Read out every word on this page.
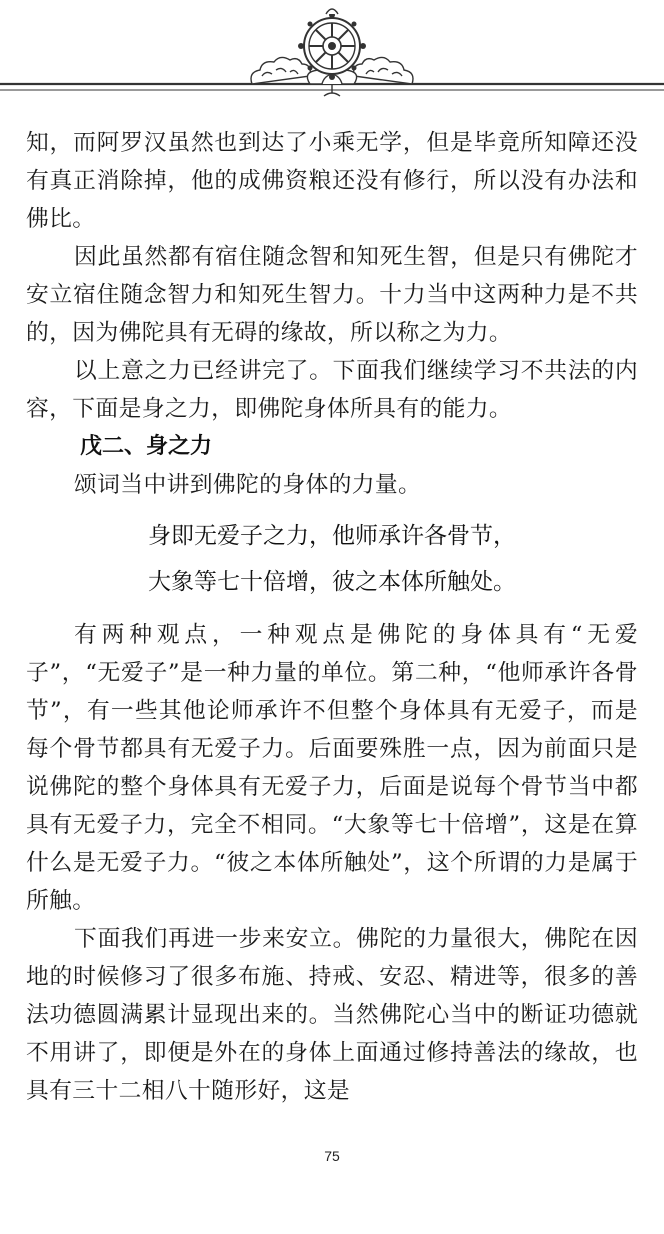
知，而阿罗汉虽然也到达了小乘无学，但是毕竟所知障还没有真正消除掉，他的成佛资粮还没有修行，所以没有办法和佛比。

因此虽然都有宿住随念智和知死生智，但是只有佛陀才安立宿住随念智力和知死生智力。十力当中这两种力是不共的，因为佛陀具有无碍的缘故，所以称之为力。

以上意之力已经讲完了。下面我们继续学习不共法的内容，下面是身之力，即佛陀身体所具有的能力。

戊二、身之力

颂词当中讲到佛陀的身体的力量。

身即无爱子之力，他师承许各骨节，

大象等七十倍增，彼之本体所触处。

有两种观点，一种观点是佛陀的身体具有“无爱子”，“无爱子”是一种力量的单位。第二种，“他师承许各骨节”，有一些其他论师承许不但整个身体具有无爱子，而是每个骨节都具有无爱子力。后面要殊胜一点，因为前面只是说佛陀的整个身体具有无爱子力，后面是说每个骨节当中都具有无爱子力，完全不相同。“大象等七十倍增”，这是在算什么是无爱子力。“彼之本体所触处”，这个所谓的力是属于所触。

下面我们再进一步来安立。佛陀的力量很大，佛陀在因地的时候修习了很多布施、持戒、安忍、精进等，很多的善法功德圆满累计显现出来的。当然佛陀心当中的断证功德就不用讲了，即便是外在的身体上面通过修持善法的缘故，也具有三十二相八十随形好，这是

75
